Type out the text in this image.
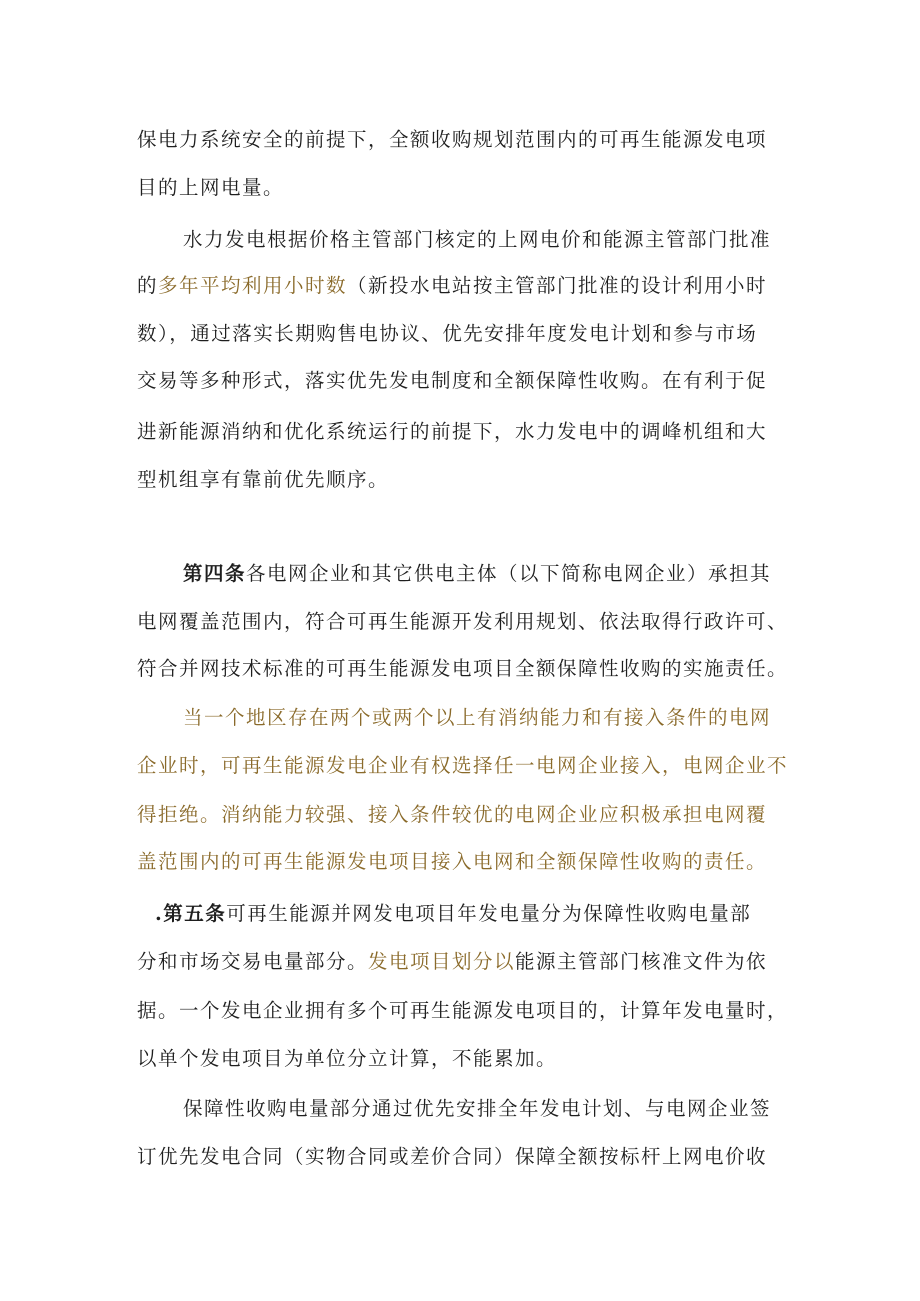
保电力系统安全的前提下，全额收购规划范围内的可再生能源发电项
目的上网电量。
水力发电根据价格主管部门核定的上网电价和能源主管部门批准
的多年平均利用小时数（新投水电站按主管部门批准的设计利用小时
数），通过落实长期购售电协议、优先安排年度发电计划和参与市场
交易等多种形式，落实优先发电制度和全额保障性收购。在有利于促
进新能源消纳和优化系统运行的前提下，水力发电中的调峰机组和大
型机组享有靠前优先顺序。
第四条各电网企业和其它供电主体（以下简称电网企业）承担其
电网覆盖范围内，符合可再生能源开发利用规划、依法取得行政许可、
符合并网技术标准的可再生能源发电项目全额保障性收购的实施责任。
当一个地区存在两个或两个以上有消纳能力和有接入条件的电网
企业时，可再生能源发电企业有权选择任一电网企业接入，电网企业不
得拒绝。消纳能力较强、接入条件较优的电网企业应积极承担电网覆
盖范围内的可再生能源发电项目接入电网和全额保障性收购的责任。
.第五条可再生能源并网发电项目年发电量分为保障性收购电量部
分和市场交易电量部分。发电项目划分以能源主管部门核准文件为依
据。一个发电企业拥有多个可再生能源发电项目的，计算年发电量时，
以单个发电项目为单位分立计算，不能累加。
保障性收购电量部分通过优先安排全年发电计划、与电网企业签
订优先发电合同（实物合同或差价合同）保障全额按标杆上网电价收
